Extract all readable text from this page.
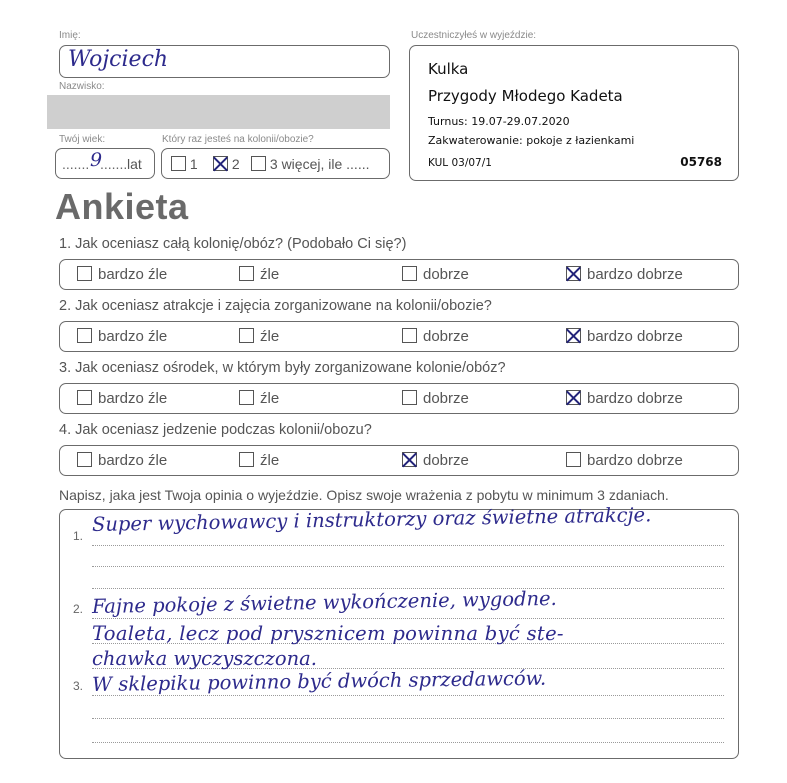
Imię:
Wojciech
Nazwisko:
Twój wiek:
....... 9
....... lat
Który raz jesteś na kolonii/obozie?
1	2	3 więcej, ile ......
Uczestniczyłeś w wyjeździe:
Kulka
Przygody Młodego Kadeta
Turnus: 19.07-29.07.2020
Zakwaterowanie: pokoje z łazienkami
KUL 03/07/1	05768
Ankieta
1. Jak oceniasz całą kolonię/obóz? (Podobało Ci się?)
bardzo źle	źle	dobrze	bardzo dobrze
2. Jak oceniasz atrakcje i zajęcia zorganizowane na kolonii/obozie?
bardzo źle	źle	dobrze	bardzo dobrze
3. Jak oceniasz ośrodek, w którym były zorganizowane kolonie/obóz?
bardzo źle	źle	dobrze	bardzo dobrze
4. Jak oceniasz jedzenie podczas kolonii/obozu?
bardzo źle	źle	dobrze	bardzo dobrze
Napisz, jaka jest Twoja opinia o wyjeździe. Opisz swoje wrażenia z pobytu w minimum 3 zdaniach.
1.
2.
3.
Super wychowawcy i instruktorzy oraz świetne atrakcje.
Fajne pokoje z świetne wykończenie, wygodne.
Toaleta, lecz pod prysznicem powinna być ste-
chawka wyczyszczona.
W sklepiku powinno być dwóch sprzedawców.
